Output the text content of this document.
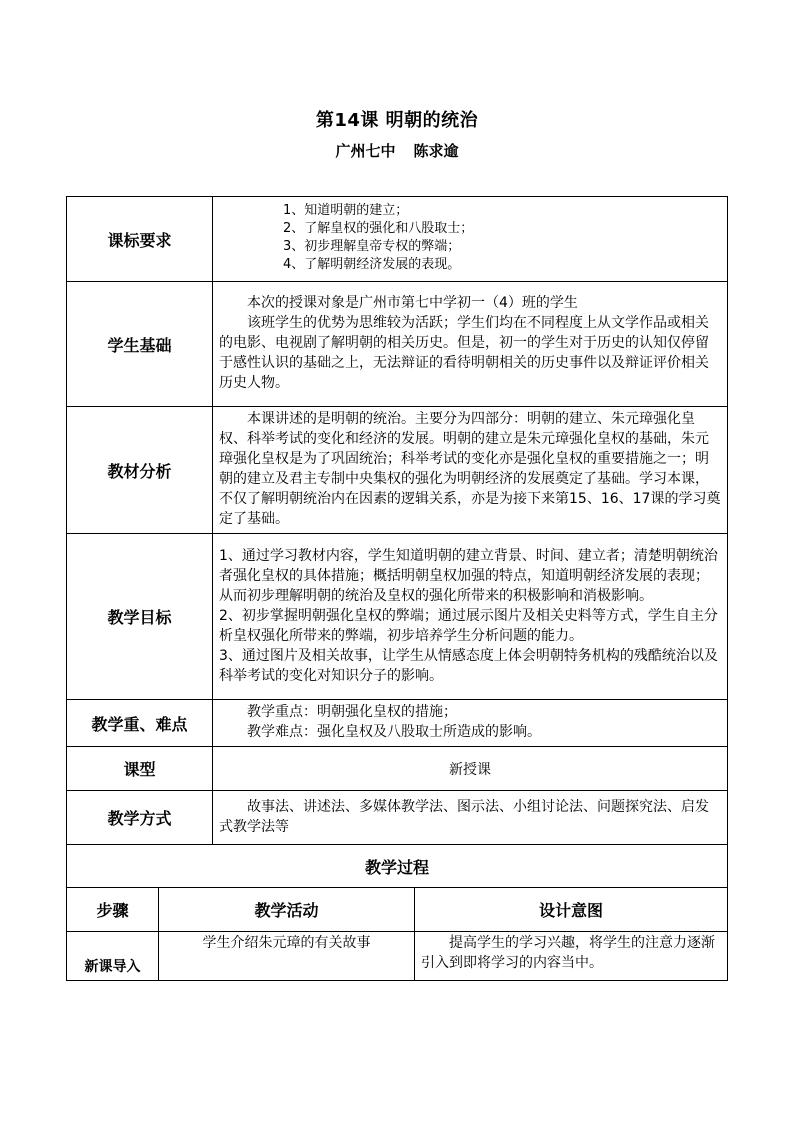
第14课 明朝的统治
广州七中 陈求逾
课标要求		1、知道明朝的建立；
2、了解皇权的强化和八股取士；
3、初步理解皇帝专权的弊端；
4、了解明朝经济发展的表现。	

学生基础		本次的授课对象是广州市第七中学初一（4）班的学生
该班学生的优势为思维较为活跃；学生们均在不同程度上从文学作品或相关的电影、电视剧了解明朝的相关历史。但是，初一的学生对于历史的认知仅停留于感性认识的基础之上，无法辩证的看待明朝相关的历史事件以及辩证评价相关历史人物。	

教材分析		本课讲述的是明朝的统治。主要分为四部分：明朝的建立、朱元璋强化皇权、科举考试的变化和经济的发展。明朝的建立是朱元璋强化皇权的基础，朱元璋强化皇权是为了巩固统治；科举考试的变化亦是强化皇权的重要措施之一；明朝的建立及君主专制中央集权的强化为明朝经济的发展奠定了基础。学习本课，不仅了解明朝统治内在因素的逻辑关系，亦是为接下来第15、16、17课的学习奠定了基础。	

教学目标		1、通过学习教材内容，学生知道明朝的建立背景、时间、建立者；清楚明朝统治者强化皇权的具体措施；概括明朝皇权加强的特点，知道明朝经济发展的表现；从而初步理解明朝的统治及皇权的强化所带来的积极影响和消极影响。
2、初步掌握明朝强化皇权的弊端；通过展示图片及相关史料等方式，学生自主分析皇权强化所带来的弊端，初步培养学生分析问题的能力。
3、通过图片及相关故事，让学生从情感态度上体会明朝特务机构的残酷统治以及科举考试的变化对知识分子的影响。	

教学重、难点		教学重点：明朝强化皇权的措施；
教学难点：强化皇权及八股取士所造成的影响。	

课型		新授课	
教学方式		故事法、讲述法、多媒体教学法、图示法、小组讨论法、问题探究法、启发式教学法等	

教学过程			
步骤	教学活动		设计意图
新课导入	学生介绍朱元璋的有关故事		提高学生的学习兴趣，将学生的注意力逐渐引入到即将学习的内容当中。
